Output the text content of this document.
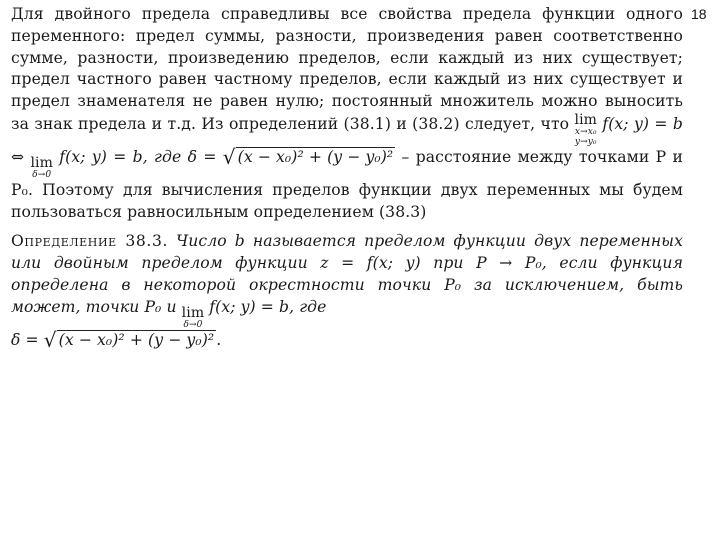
18

Для двойного предела справедливы все свойства предела функции одного переменного: предел суммы, разности, произведения равен соответственно сумме, разности, произведению пределов, если каждый из них существует; предел частного равен частному пределов, если каждый из них существует и предел знаменателя не равен нулю; постоянный множитель можно выносить за знак предела и т.д. Из определений (38.1) и (38.2) следует, что lim
x→x₀
y→y₀
f(x; y) = b ⇔ lim
δ→0
f(x; y) = b, где δ = √ (x − x₀)² + (y − y₀)² – расстояние между точками P и P₀. Поэтому для вычисления пределов функции двух переменных мы будем пользоваться равносильным определением (38.3)

Определение 38.3. Число b называется пределом функции двух переменных или двойным пределом функции z = f(x; y) при P → P₀, если функция определена в некоторой окрестности точки P₀ за исключением, быть может, точки P₀ и lim
δ→0
f(x; y) = b, где
δ = √ (x − x₀)² + (y − y₀)² .
